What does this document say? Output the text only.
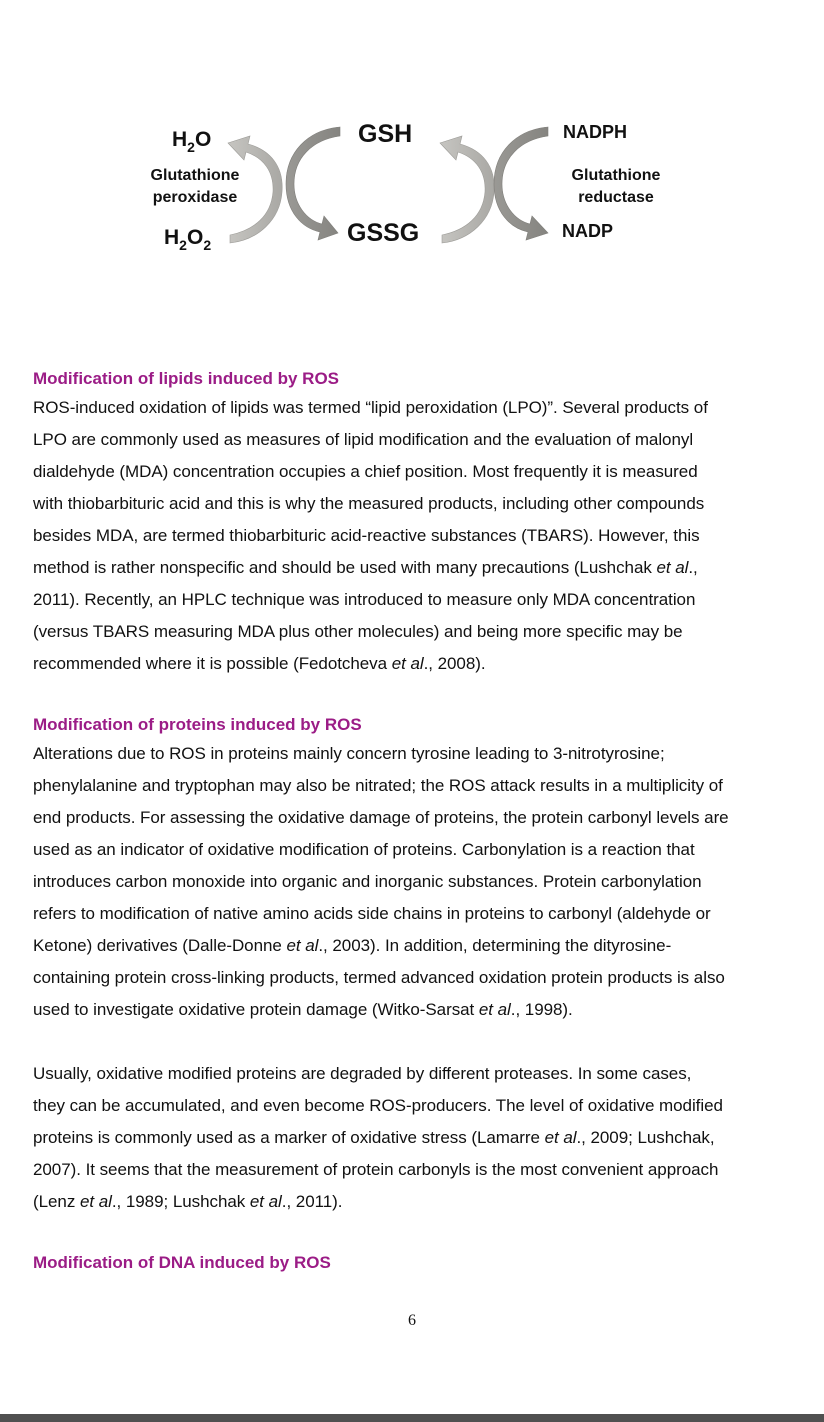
$H_2O$
Glutathione
peroxidase
$H_2O_2$
GSH
GSSG
NADPH
Glutathione
reductase
NADP
Modification of lipids induced by ROS

ROS-induced oxidation of lipids was termed “lipid peroxidation (LPO)”. Several products of
LPO are commonly used as measures of lipid modification and the evaluation of malonyl
dialdehyde (MDA) concentration occupies a chief position. Most frequently it is measured
with thiobarbituric acid and this is why the measured products, including other compounds
besides MDA, are termed thiobarbituric acid-reactive substances (TBARS). However, this
method is rather nonspecific and should be used with many precautions (Lushchak et al.,
2011). Recently, an HPLC technique was introduced to measure only MDA concentration
(versus TBARS measuring MDA plus other molecules) and being more specific may be
recommended where it is possible (Fedotcheva et al., 2008).

Modification of proteins induced by ROS

Alterations due to ROS in proteins mainly concern tyrosine leading to 3-nitrotyrosine;
phenylalanine and tryptophan may also be nitrated; the ROS attack results in a multiplicity of
end products. For assessing the oxidative damage of proteins, the protein carbonyl levels are
used as an indicator of oxidative modification of proteins. Carbonylation is a reaction that
introduces carbon monoxide into organic and inorganic substances. Protein carbonylation
refers to modification of native amino acids side chains in proteins to carbonyl (aldehyde or
Ketone) derivatives (Dalle-Donne et al., 2003). In addition, determining the dityrosine-
containing protein cross-linking products, termed advanced oxidation protein products is also
used to investigate oxidative protein damage (Witko-Sarsat et al., 1998).

Usually, oxidative modified proteins are degraded by different proteases. In some cases,
they can be accumulated, and even become ROS-producers. The level of oxidative modified
proteins is commonly used as a marker of oxidative stress (Lamarre et al., 2009; Lushchak,
2007). It seems that the measurement of protein carbonyls is the most convenient approach
(Lenz et al., 1989; Lushchak et al., 2011).

Modification of DNA induced by ROS
6
